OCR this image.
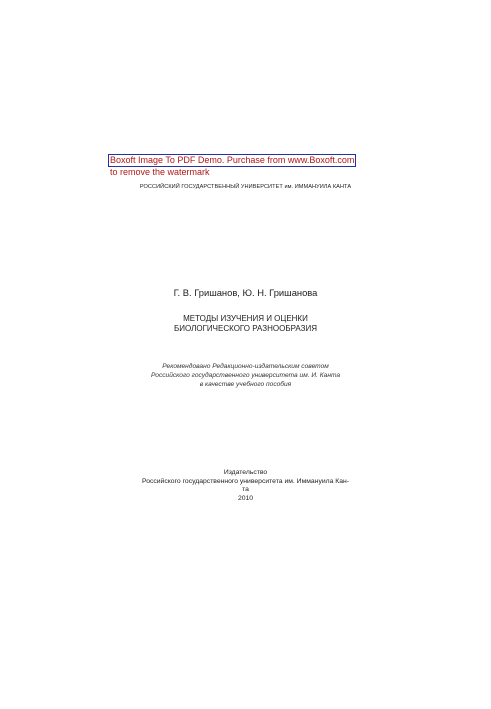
Boxoft Image To PDF Demo. Purchase from www.Boxoft.com
to remove the watermark
РОССИЙСКИЙ ГОСУДАРСТВЕННЫЙ УНИВЕРСИТЕТ им. ИММАНУИЛА КАНТА
Г. В. Гришанов, Ю. Н. Гришанова
МЕТОДЫ ИЗУЧЕНИЯ И ОЦЕНКИ
БИОЛОГИЧЕСКОГО РАЗНООБРАЗИЯ
Рекомендовано Редакционно-издательским советом
Российского государственного университета им. И. Канта
в качестве учебного пособия
Издательство
Российского государственного университета им. Иммануила Кан-
та
2010
